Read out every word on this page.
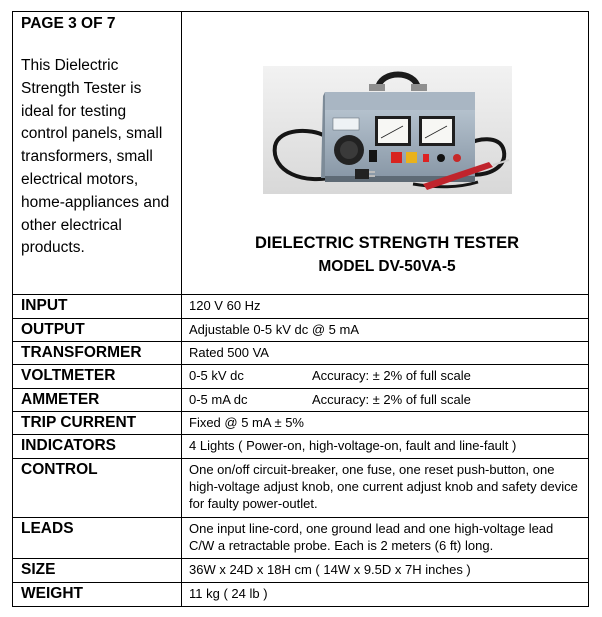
PAGE 3 OF 7
This Dielectric Strength Tester is ideal for testing control panels, small transformers, small electrical motors, home-appliances and other electrical products.	

INPUT	120 V 60 Hz
OUTPUT	Adjustable 0-5 kV dc @ 5 mA
TRANSFORMER	Rated 500 VA
VOLTMETER	0-5 kV dc Accuracy: ± 2% of full scale

AMMETER	0-5 mA dc Accuracy: ± 2% of full scale

TRIP CURRENT	Fixed @ 5 mA ± 5%
INDICATORS	4 Lights ( Power-on, high-voltage-on, fault and line-fault )
CONTROL	One on/off circuit-breaker, one fuse, one reset push-button, one high-voltage adjust knob, one current adjust knob and safety device for faulty power-outlet.
LEADS	One input line-cord, one ground lead and one high-voltage lead C/W a retractable probe. Each is 2 meters (6 ft) long.
SIZE	36W x 24D x 18H cm ( 14W x 9.5D x 7H inches )
WEIGHT	11 kg ( 24 lb )
DIELECTRIC STRENGTH TESTER
MODEL DV-50VA-5
